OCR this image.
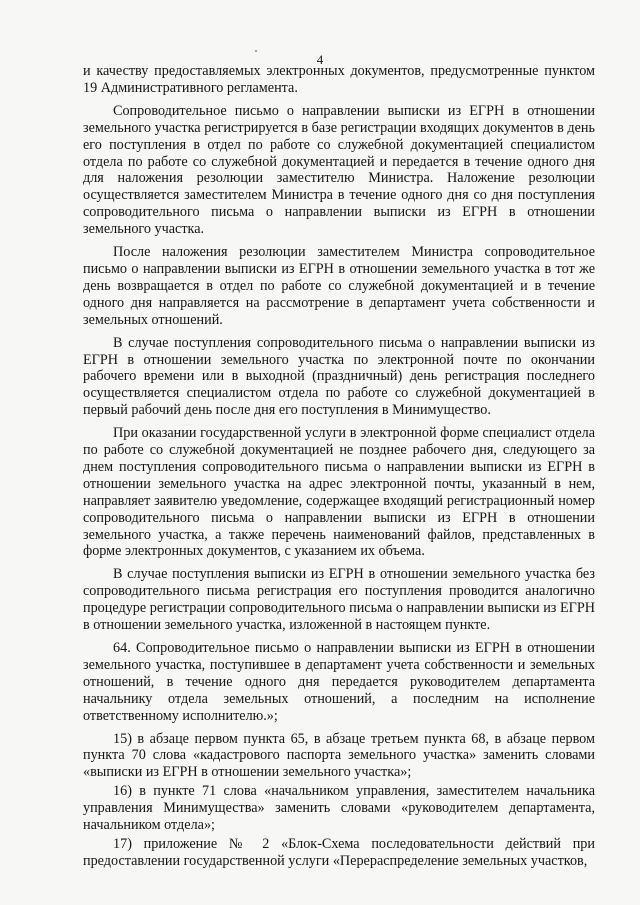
4

и качеству предоставляемых электронных документов, предусмотренные пунктом 19 Административного регламента.

Сопроводительное письмо о направлении выписки из ЕГРН в отношении земельного участка регистрируется в базе регистрации входящих документов в день его поступления в отдел по работе со служебной документацией специалистом отдела по работе со служебной документацией и передается в течение одного дня для наложения резолюции заместителю Министра. Наложение резолюции осуществляется заместителем Министра в течение одного дня со дня поступления сопроводительного письма о направлении выписки из ЕГРН в отношении земельного участка.

После наложения резолюции заместителем Министра сопроводительное письмо о направлении выписки из ЕГРН в отношении земельного участка в тот же день возвращается в отдел по работе со служебной документацией и в течение одного дня направляется на рассмотрение в департамент учета собственности и земельных отношений.

В случае поступления сопроводительного письма о направлении выписки из ЕГРН в отношении земельного участка по электронной почте по окончании рабочего времени или в выходной (праздничный) день регистрация последнего осуществляется специалистом отдела по работе со служебной документацией в первый рабочий день после дня его поступления в Минимущество.

При оказании государственной услуги в электронной форме специалист отдела по работе со служебной документацией не позднее рабочего дня, следующего за днем поступления сопроводительного письма о направлении выписки из ЕГРН в отношении земельного участка на адрес электронной почты, указанный в нем, направляет заявителю уведомление, содержащее входящий регистрационный номер сопроводительного письма о направлении выписки из ЕГРН в отношении земельного участка, а также перечень наименований файлов, представленных в форме электронных документов, с указанием их объема.

В случае поступления выписки из ЕГРН в отношении земельного участка без сопроводительного письма регистрация его поступления проводится аналогично процедуре регистрации сопроводительного письма о направлении выписки из ЕГРН в отношении земельного участка, изложенной в настоящем пункте.

64. Сопроводительное письмо о направлении выписки из ЕГРН в отношении земельного участка, поступившее в департамент учета собственности и земельных отношений, в течение одного дня передается руководителем департамента начальнику отдела земельных отношений, а последним на исполнение ответственному исполнителю.»;

15) в абзаце первом пункта 65, в абзаце третьем пункта 68, в абзаце первом пункта 70 слова «кадастрового паспорта земельного участка» заменить словами «выписки из ЕГРН в отношении земельного участка»;

16) в пункте 71 слова «начальником управления, заместителем начальника управления Минимущества» заменить словами «руководителем департамента, начальником отдела»;

17) приложение № 2 «Блок-Схема последовательности действий при предоставлении государственной услуги «Перераспределение земельных участков,
